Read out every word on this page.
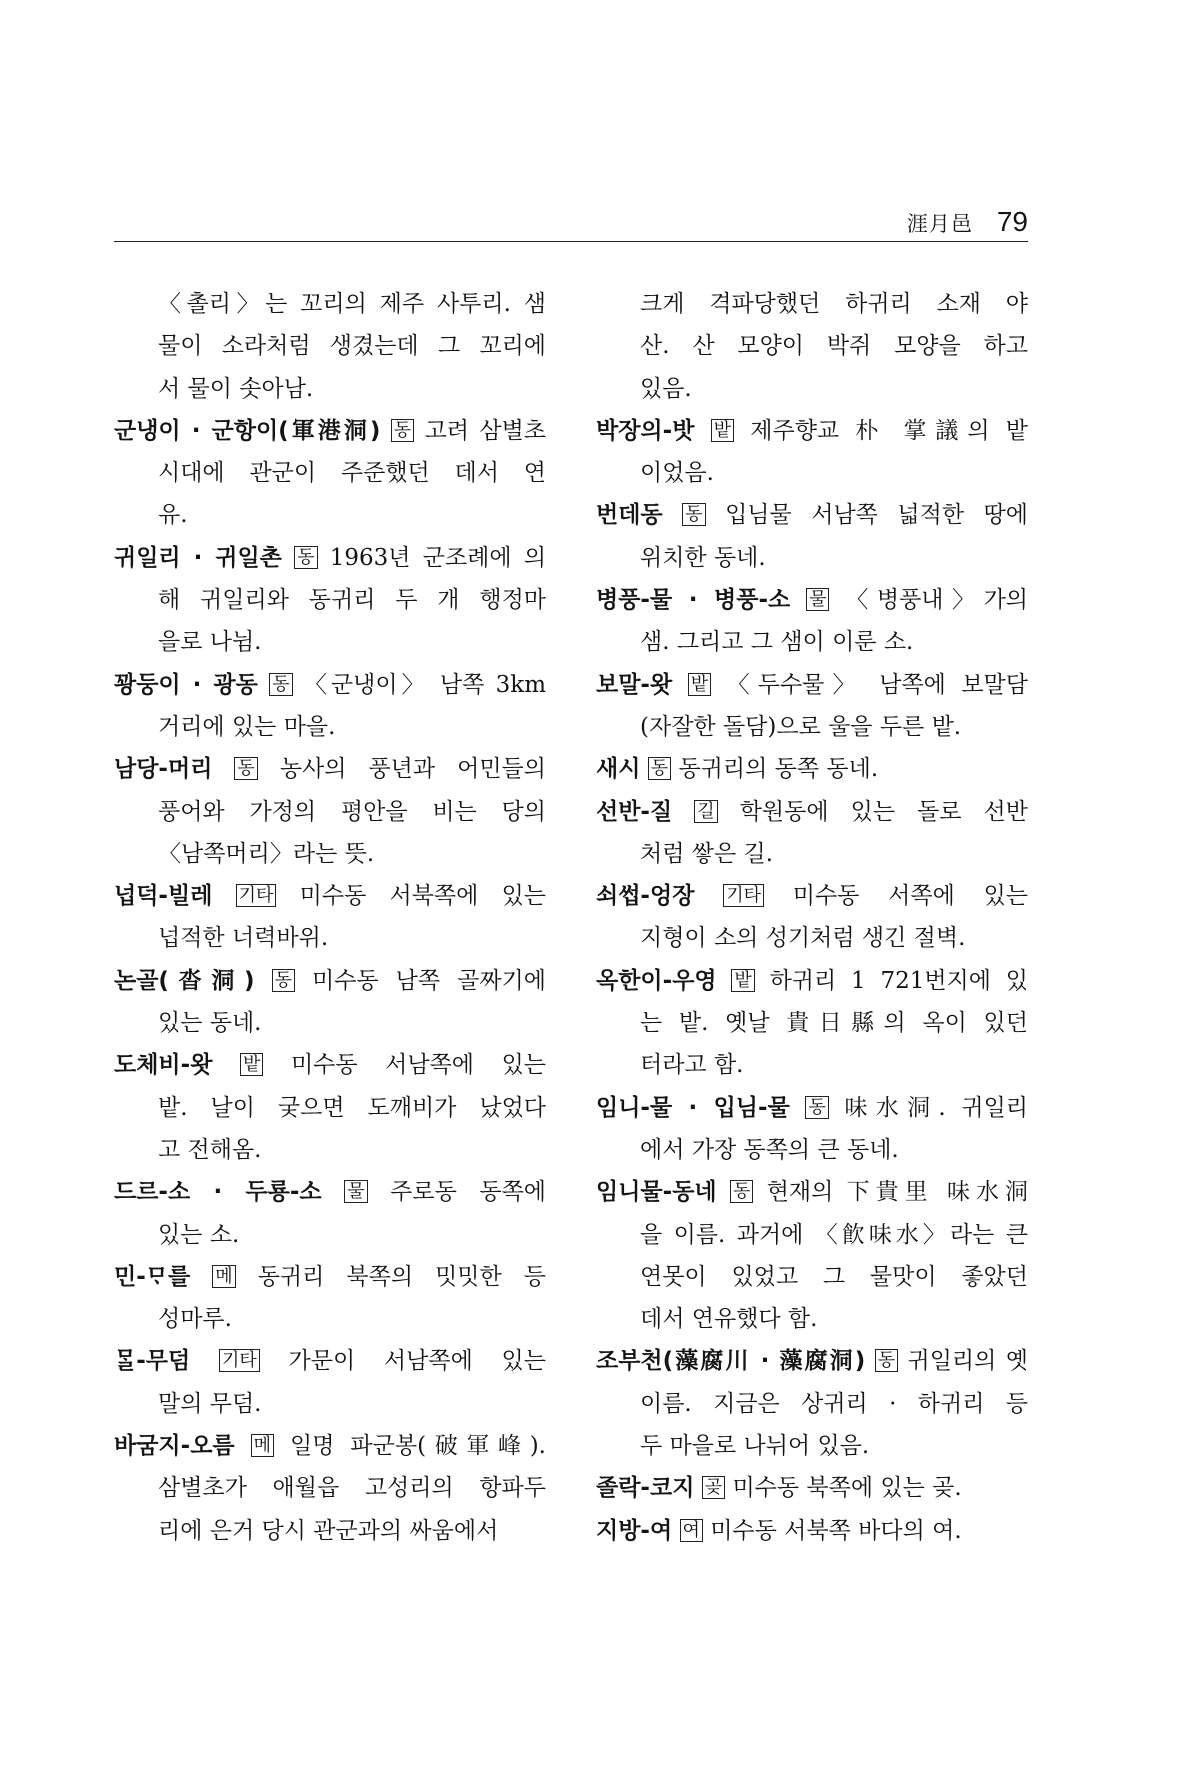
涯月邑 79
〈촐리〉는 꼬리의 제주 사투리. 샘
물이 소라처럼 생겼는데 그 꼬리에
서 물이 솟아남.
군냉이 · 군항이(軍港洞) 동 고려 삼별초
시대에 관군이 주준했던 데서 연
유.
귀일리 · 귀일촌 동 1963년 군조례에 의
해 귀일리와 동귀리 두 개 행정마
을로 나뉨.
꽝둥이 · 광동 동 〈군냉이〉 남쪽 3km
거리에 있는 마을.
남당-머리 동 농사의 풍년과 어민들의
풍어와 가정의 평안을 비는 당의
〈남쪽머리〉라는 뜻.
넙덕-빌레 기타 미수동 서북쪽에 있는
넙적한 너력바위.
논골(沓洞) 동 미수동 남쪽 골짜기에
있는 동네.
도체비-왓 밭 미수동 서남쪽에 있는
밭. 날이 궂으면 도깨비가 났었다
고 전해옴.
드르-소 · 두룡-소 물 주로동 동쪽에
있는 소.
민-ᄆᆞ를 메 동귀리 북쪽의 밋밋한 등
성마루.
ᄆᆞᆯ-무덤 기타 가문이 서남쪽에 있는
말의 무덤.
바굼지-오름 메 일명 파군봉(破軍峰).
삼별초가 애월읍 고성리의 항파두
리에 은거 당시 관군과의 싸움에서
크게 격파당했던 하귀리 소재 야
산. 산 모양이 박쥐 모양을 하고
있음.
박장의-밧 밭 제주향교 朴 掌議의 밭
이었음.
번데동 동 입님물 서남쪽 넓적한 땅에
위치한 동네.
병풍-물 · 병풍-소 물 〈병풍내〉가의
샘. 그리고 그 샘이 이룬 소.
보말-왓 밭 〈두수물〉 남쪽에 보말담
(자잘한 돌담)으로 울을 두른 밭.
새시 동 동귀리의 동쪽 동네.
선반-질 길 학원동에 있는 돌로 선반
처럼 쌓은 길.
쇠썹-엉장 기타 미수동 서쪽에 있는
지형이 소의 성기처럼 생긴 절벽.
옥한이-우영 밭 하귀리 1 721번지에 있
는 밭. 옛날 貴日縣의 옥이 있던
터라고 함.
임니-물 · 입님-물 동 味水洞. 귀일리
에서 가장 동쪽의 큰 동네.
임니물-동네 동 현재의 下貴里 味水洞
을 이름. 과거에 〈飮味水〉라는 큰
연못이 있었고 그 물맛이 좋았던
데서 연유했다 함.
조부천(藻腐川 · 藻腐洞) 동 귀일리의 옛
이름. 지금은 상귀리 · 하귀리 등
두 마을로 나뉘어 있음.
졸락-코지 곶 미수동 북쪽에 있는 곶.
지방-여 여 미수동 서북쪽 바다의 여.
